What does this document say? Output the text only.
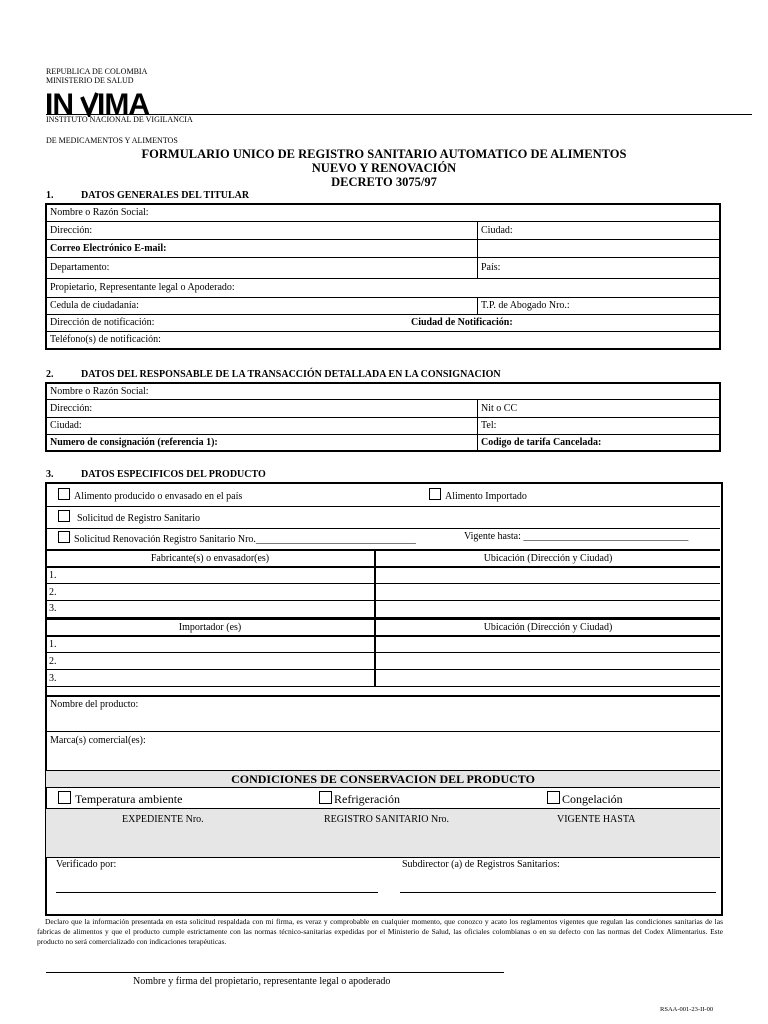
REPUBLICA DE COLOMBIA
MINISTERIO DE SALUD
IN IMA
INSTITUTO NACIONAL DE VIGILANCIA
DE MEDICAMENTOS Y ALIMENTOS
FORMULARIO UNICO DE REGISTRO SANITARIO AUTOMATICO DE ALIMENTOS
NUEVO Y RENOVACIÓN
DECRETO 3075/97
1.	DATOS GENERALES DEL TITULAR
Nombre o Razón Social:	
Dirección:	Ciudad:
Correo Electrónico E-mail:	
Departamento:	País:
Propietario, Representante legal o Apoderado:	
Cedula de ciudadanía:	T.P. de Abogado Nro.:
Dirección de notificación: Ciudad de Notificación:	

Teléfono(s) de notificación:	
2.	DATOS DEL RESPONSABLE DE LA TRANSACCIÓN DETALLADA EN LA CONSIGNACION
Nombre o Razón Social:	
Dirección:	Nit o CC
Ciudad:	Tel:
Numero de consignación (referencia 1):	Codigo de tarifa Cancelada:
3.	DATOS ESPECIFICOS DEL PRODUCTO
Alimento producido o envasado en el país	Alimento Importado
Solicitud de Registro Sanitario
Solicitud Renovación Registro Sanitario Nro.________________________________	Vigente hasta: _________________________________
Fabricante(s) o envasador(es)	Ubicación (Dirección y Ciudad)
1.	
2.	
3.	

Importador (es)	Ubicación (Dirección y Ciudad)
1.	
2.	
3.	
Nombre del producto:
Marca(s) comercial(es):
CONDICIONES DE CONSERVACION DEL PRODUCTO
Temperatura ambiente	Refrigeración	Congelación
EXPEDIENTE Nro.	REGISTRO SANITARIO Nro.	VIGENTE HASTA
Verificado por:	Subdirector (a) de Registros Sanitarios:
Declaro que la información presentada en esta solicitud respaldada con mi firma, es veraz y comprobable en cualquier momento, que conozco y acato los reglamentos vigentes que regulan las condiciones sanitarias de las fabricas de alimentos y que el producto cumple estrictamente con las normas técnico-sanitarias expedidas por el Ministerio de Salud, las oficiales colombianas o en su defecto con las normas del Codex Alimentarius. Este producto no será comercializado con indicaciones terapéuticas.
Nombre y firma del propietario, representante legal o apoderado
RSAA-001-23-II-00
